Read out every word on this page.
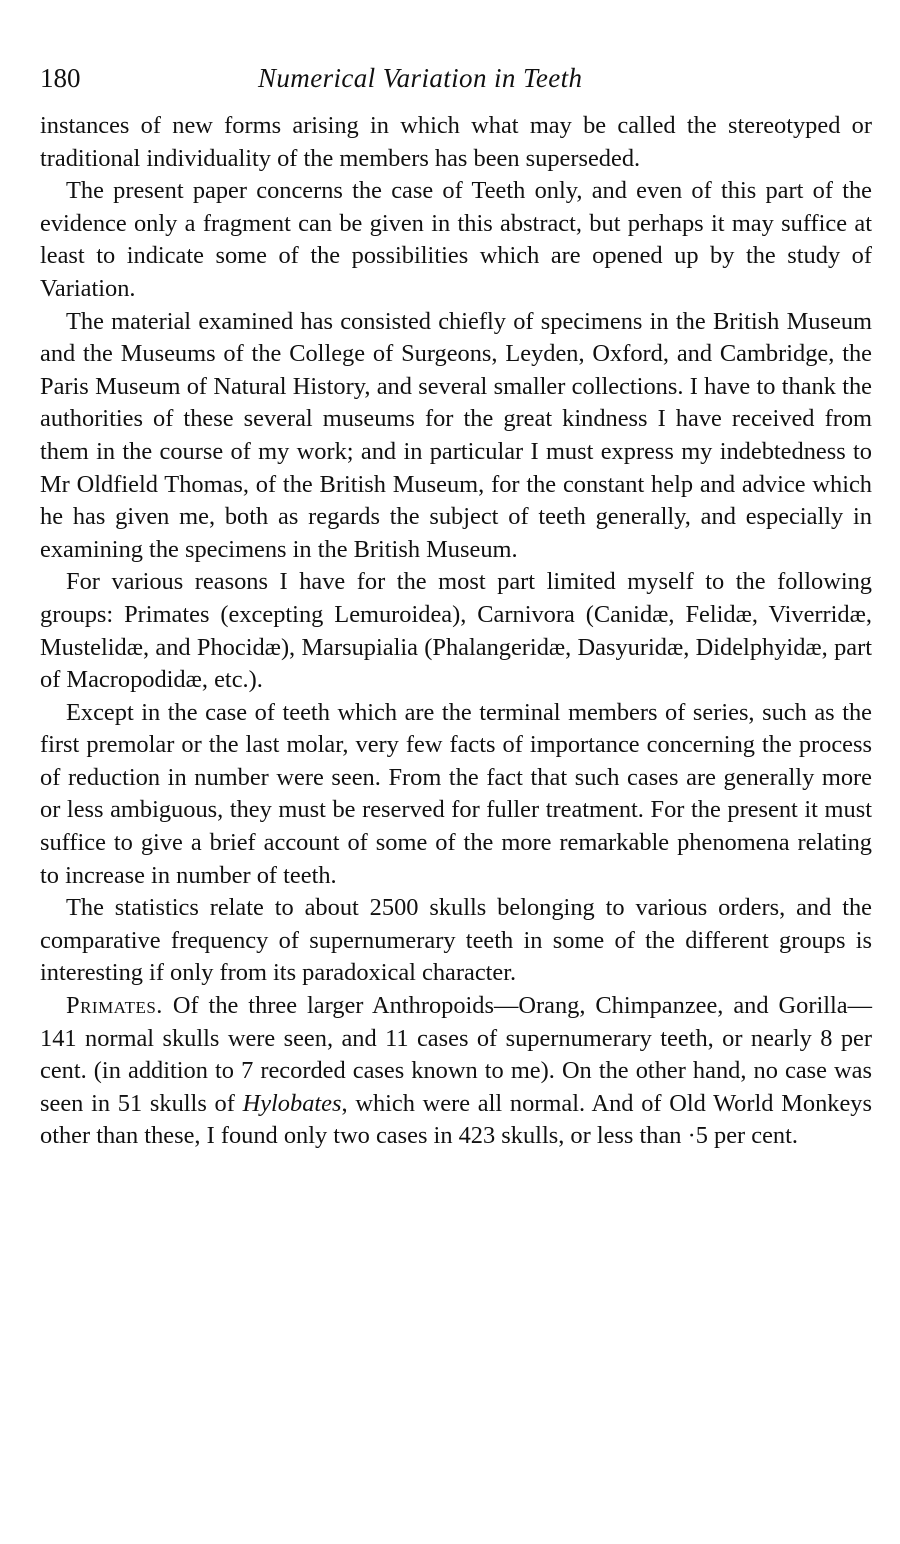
180	Numerical Variation in Teeth

instances of new forms arising in which what may be called the stereotyped or traditional individuality of the members has been superseded.

The present paper concerns the case of Teeth only, and even of this part of the evidence only a fragment can be given in this abstract, but perhaps it may suffice at least to indicate some of the possibilities which are opened up by the study of Variation.

The material examined has consisted chiefly of specimens in the British Museum and the Museums of the College of Surgeons, Leyden, Oxford, and Cambridge, the Paris Museum of Natural History, and several smaller collections. I have to thank the authorities of these several museums for the great kindness I have received from them in the course of my work; and in particular I must express my indebtedness to Mr Oldfield Thomas, of the British Museum, for the constant help and advice which he has given me, both as regards the subject of teeth generally, and especially in examining the specimens in the British Museum.

For various reasons I have for the most part limited myself to the following groups: Primates (excepting Lemuroidea), Carnivora (Canidæ, Felidæ, Viverridæ, Mustelidæ, and Phocidæ), Marsupialia (Phalangeridæ, Dasyuridæ, Didelphyidæ, part of Macropodidæ, etc.).

Except in the case of teeth which are the terminal members of series, such as the first premolar or the last molar, very few facts of importance concerning the process of reduction in number were seen. From the fact that such cases are generally more or less ambiguous, they must be reserved for fuller treatment. For the present it must suffice to give a brief account of some of the more remarkable phenomena relating to increase in number of teeth.

The statistics relate to about 2500 skulls belonging to various orders, and the comparative frequency of supernumerary teeth in some of the different groups is interesting if only from its paradoxical character.

Primates. Of the three larger Anthropoids—Orang, Chimpanzee, and Gorilla—141 normal skulls were seen, and 11 cases of supernumerary teeth, or nearly 8 per cent. (in addition to 7 recorded cases known to me). On the other hand, no case was seen in 51 skulls of Hylobates, which were all normal. And of Old World Monkeys other than these, I found only two cases in 423 skulls, or less than ·5 per cent.
